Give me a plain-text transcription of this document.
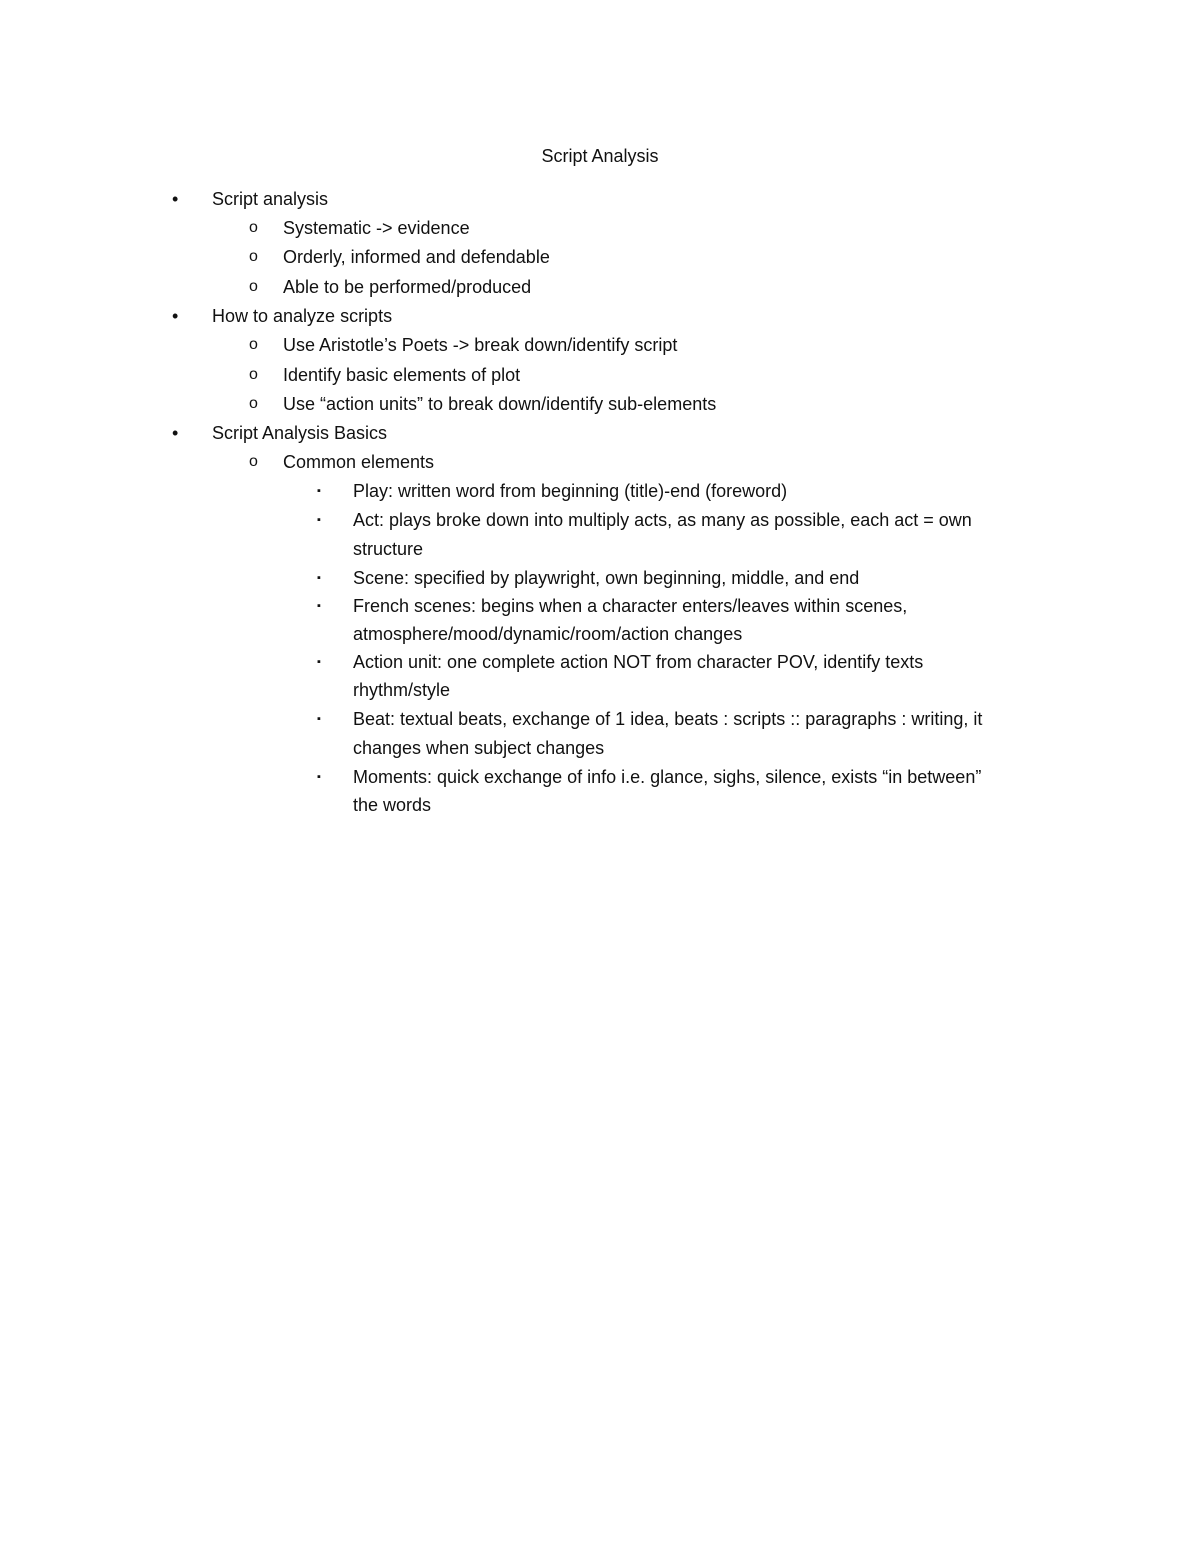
Script Analysis
• Script analysis
o Systematic -> evidence
o Orderly, informed and defendable
o Able to be performed/produced
• How to analyze scripts
o Use Aristotle’s Poets -> break down/identify script
o Identify basic elements of plot
o Use “action units” to break down/identify sub-elements
• Script Analysis Basics
o Common elements
▪ Play: written word from beginning (title)-end (foreword)
▪ Act: plays broke down into multiply acts, as many as possible, each act = own
structure
▪ Scene: specified by playwright, own beginning, middle, and end
▪ French scenes: begins when a character enters/leaves within scenes,
atmosphere/mood/dynamic/room/action changes
▪ Action unit: one complete action NOT from character POV, identify texts
rhythm/style
▪ Beat: textual beats, exchange of 1 idea, beats : scripts :: paragraphs : writing, it
changes when subject changes
▪ Moments: quick exchange of info i.e. glance, sighs, silence, exists “in between”
the words
